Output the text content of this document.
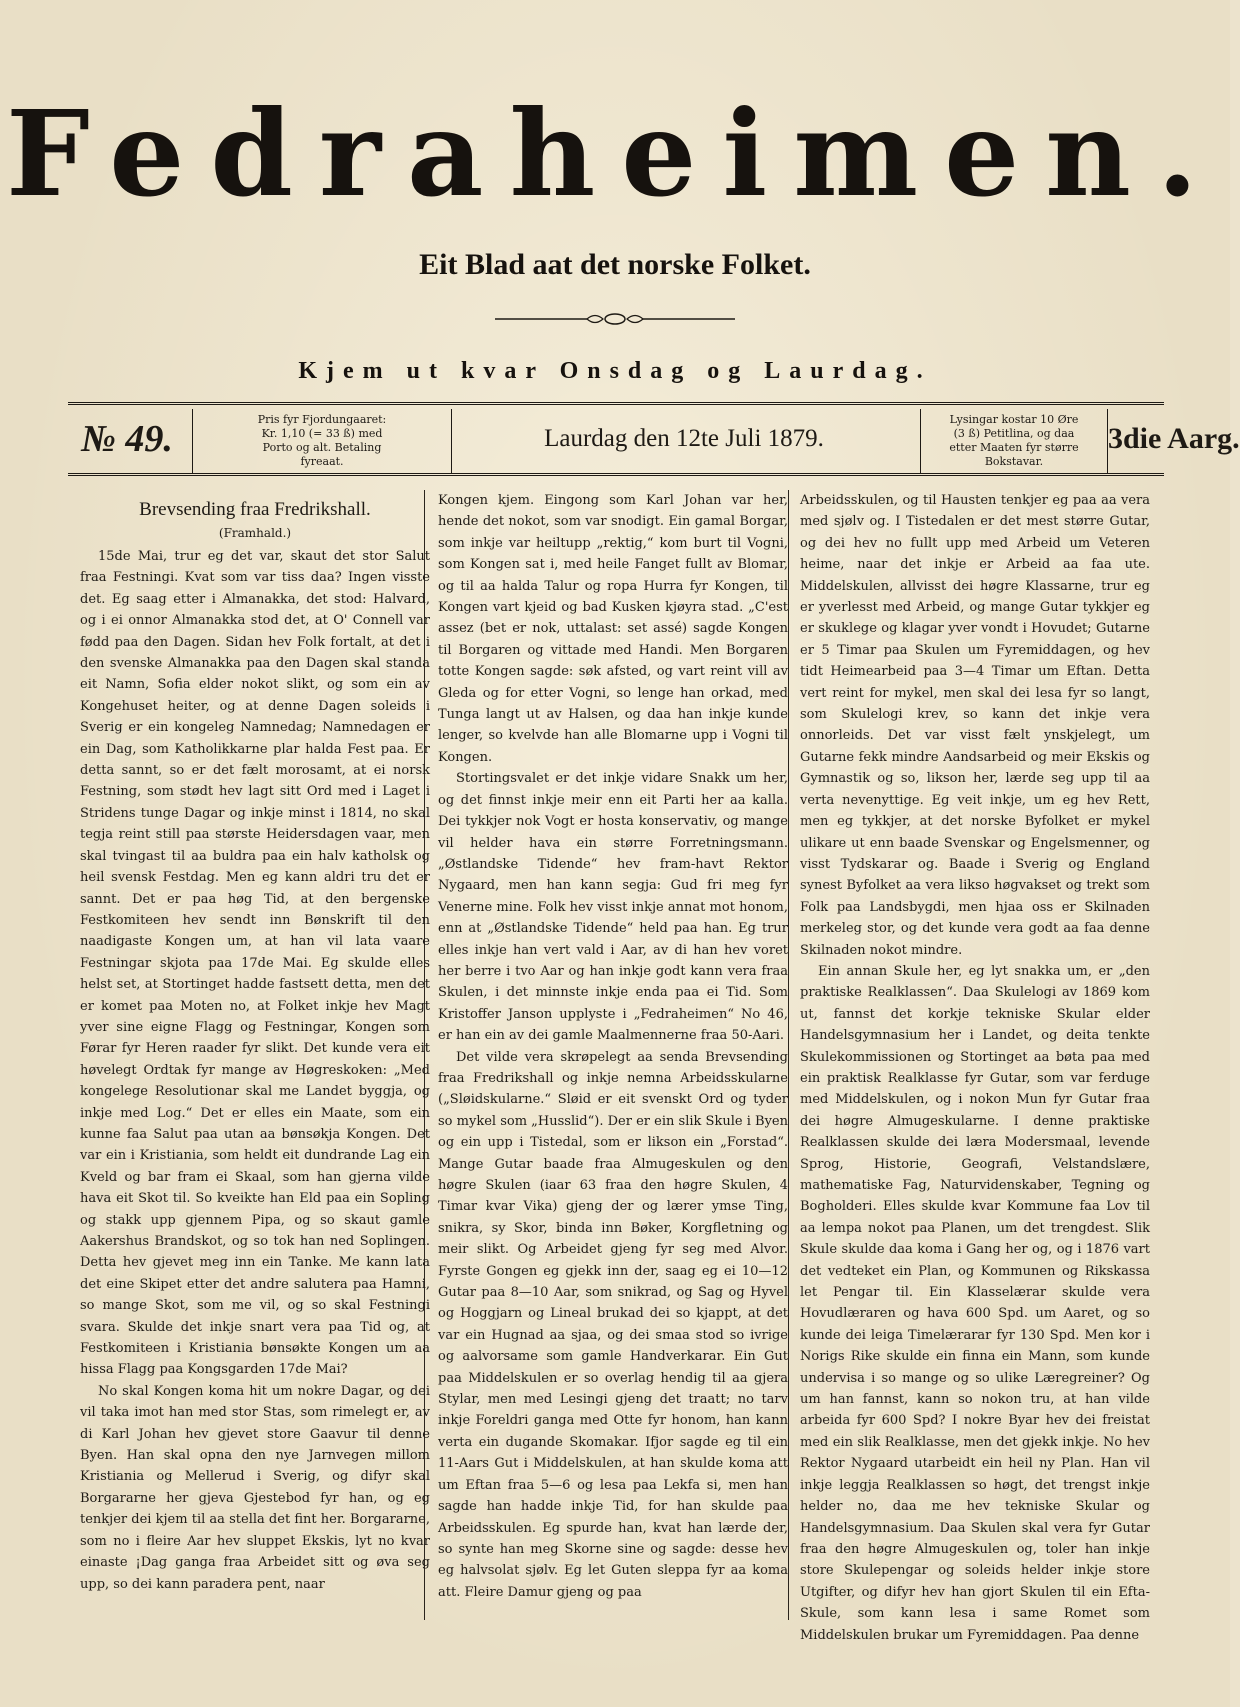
Fedraheimen.
Eit Blad aat det norske Folket.
Kjem ut kvar Onsdag og Laurdag.
№ 49.	Pris fyr Fjordungaaret:
Kr. 1,10 (= 33 ß) med
Porto og alt. Betaling
fyreaat.
Laurdag den 12te Juli 1879.
Lysingar kostar 10 Øre
(3 ß) Petitlina, og daa
etter Maaten fyr større
Bokstavar.
3die Aarg.
Brevsending fraa Fredrikshall.
(Framhald.)

15de Mai, trur eg det var, skaut det stor Salut fraa Festningi. Kvat som var tiss daa? Ingen visste det. Eg saag etter i Almanakka, det stod: Halvard, og i ei onnor Almanakka stod det, at O' Connell var fødd paa den Dagen. Sidan hev Folk fortalt, at det i den svenske Almanakka paa den Dagen skal standa eit Namn, Sofia elder nokot slikt, og som ein av Kongehuset heiter, og at denne Dagen soleids i Sverig er ein kongeleg Namnedag; Namnedagen er ein Dag, som Katholikkarne plar halda Fest paa. Er detta sannt, so er det fælt morosamt, at ei norsk Festning, som stødt hev lagt sitt Ord med i Laget i Stridens tunge Dagar og inkje minst i 1814, no skal tegja reint still paa største Heidersdagen vaar, men skal tvingast til aa buldra paa ein halv katholsk og heil svensk Festdag. Men eg kann aldri tru det er sannt. Det er paa høg Tid, at den bergenske Festkomiteen hev sendt inn Bønskrift til den naadigaste Kongen um, at han vil lata vaare Festningar skjota paa 17de Mai. Eg skulde elles helst set, at Stortinget hadde fastsett detta, men det er komet paa Moten no, at Folket inkje hev Magt yver sine eigne Flagg og Festningar, Kongen som Førar fyr Heren raader fyr slikt. Det kunde vera eit høvelegt Ordtak fyr mange av Høgreskoken: „Med kongelege Resolutionar skal me Landet byggja, og inkje med Log.“ Det er elles ein Maate, som ein kunne faa Salut paa utan aa bønsøkja Kongen. Det var ein i Kristiania, som heldt eit dundrande Lag ein Kveld og bar fram ei Skaal, som han gjerna vilde hava eit Skot til. So kveikte han Eld paa ein Sopling og stakk upp gjennem Pipa, og so skaut gamle Aakershus Brandskot, og so tok han ned Soplingen. Detta hev gjevet meg inn ein Tanke. Me kann lata det eine Skipet etter det andre salutera paa Hamni, so mange Skot, som me vil, og so skal Festningi svara. Skulde det inkje snart vera paa Tid og, at Festkomiteen i Kristiania bønsøkte Kongen um aa hissa Flagg paa Kongsgarden 17de Mai?

No skal Kongen koma hit um nokre Dagar, og dei vil taka imot han med stor Stas, som rimelegt er, av di Karl Johan hev gjevet store Gaavur til denne Byen. Han skal opna den nye Jarnvegen millom Kristiania og Mellerud i Sverig, og difyr skal Borgararne her gjeva Gjestebod fyr han, og eg tenkjer dei kjem til aa stella det fint her. Borgararne, som no i fleire Aar hev sluppet Ekskis, lyt no kvar einaste ¡Dag ganga fraa Arbeidet sitt og øva seg upp, so dei kann paradera pent, naar

Kongen kjem. Eingong som Karl Johan var her, hende det nokot, som var snodigt. Ein gamal Borgar, som inkje var heiltupp „rektig,“ kom burt til Vogni, som Kongen sat i, med heile Fanget fullt av Blomar, og til aa halda Talur og ropa Hurra fyr Kongen, til Kongen vart kjeid og bad Kusken kjøyra stad. „C'est assez (bet er nok, uttalast: set assé) sagde Kongen til Borgaren og vittade med Handi. Men Borgaren totte Kongen sagde: søk afsted, og vart reint vill av Gleda og for etter Vogni, so lenge han orkad, med Tunga langt ut av Halsen, og daa han inkje kunde lenger, so kvelvde han alle Blomarne upp i Vogni til Kongen.

Stortingsvalet er det inkje vidare Snakk um her, og det finnst inkje meir enn eit Parti her aa kalla. Dei tykkjer nok Vogt er hosta konservativ, og mange vil helder hava ein større Forretningsmann. „Østlandske Tidende“ hev fram-havt Rektor Nygaard, men han kann segja: Gud fri meg fyr Venerne mine. Folk hev visst inkje annat mot honom, enn at „Østlandske Tidende“ held paa han. Eg trur elles inkje han vert vald i Aar, av di han hev voret her berre i tvo Aar og han inkje godt kann vera fraa Skulen, i det minnste inkje enda paa ei Tid. Som Kristoffer Janson upplyste i „Fedraheimen“ No 46, er han ein av dei gamle Maalmennerne fraa 50-Aari.

Det vilde vera skrøpelegt aa senda Brevsending fraa Fredrikshall og inkje nemna Arbeidsskularne („Sløidskularne.“ Sløid er eit svenskt Ord og tyder so mykel som „Husslid“). Der er ein slik Skule i Byen og ein upp i Tistedal, som er likson ein „Forstad“. Mange Gutar baade fraa Almugeskulen og den høgre Skulen (iaar 63 fraa den høgre Skulen, 4 Timar kvar Vika) gjeng der og lærer ymse Ting, snikra, sy Skor, binda inn Bøker, Korgfletning og meir slikt. Og Arbeidet gjeng fyr seg med Alvor. Fyrste Gongen eg gjekk inn der, saag eg ei 10—12 Gutar paa 8—10 Aar, som snikrad, og Sag og Hyvel og Hoggjarn og Lineal brukad dei so kjappt, at det var ein Hugnad aa sjaa, og dei smaa stod so ivrige og aalvorsame som gamle Handverkarar. Ein Gut paa Middelskulen er so overlag hendig til aa gjera Stylar, men med Lesingi gjeng det traatt; no tarv inkje Foreldri ganga med Otte fyr honom, han kann verta ein dugande Skomakar. Ifjor sagde eg til ein 11-Aars Gut i Middelskulen, at han skulde koma att um Eftan fraa 5—6 og lesa paa Lekfa si, men han sagde han hadde inkje Tid, for han skulde paa Arbeidsskulen. Eg spurde han, kvat han lærde der, so synte han meg Skorne sine og sagde: desse hev eg halvsolat sjølv. Eg let Guten sleppa fyr aa koma att. Fleire Damur gjeng og paa

Arbeidsskulen, og til Hausten tenkjer eg paa aa vera med sjølv og. I Tistedalen er det mest større Gutar, og dei hev no fullt upp med Arbeid um Veteren heime, naar det inkje er Arbeid aa faa ute. Middelskulen, allvisst dei høgre Klassarne, trur eg er yverlesst med Arbeid, og mange Gutar tykkjer eg er skuklege og klagar yver vondt i Hovudet; Gutarne er 5 Timar paa Skulen um Fyremiddagen, og hev tidt Heimearbeid paa 3—4 Timar um Eftan. Detta vert reint for mykel, men skal dei lesa fyr so langt, som Skulelogi krev, so kann det inkje vera onnorleids. Det var visst fælt ynskjelegt, um Gutarne fekk mindre Aandsarbeid og meir Ekskis og Gymnastik og so, likson her, lærde seg upp til aa verta nevenyttige. Eg veit inkje, um eg hev Rett, men eg tykkjer, at det norske Byfolket er mykel ulikare ut enn baade Svenskar og Engelsmenner, og visst Tydskarar og. Baade i Sverig og England synest Byfolket aa vera likso høgvakset og trekt som Folk paa Landsbygdi, men hjaa oss er Skilnaden merkeleg stor, og det kunde vera godt aa faa denne Skilnaden nokot mindre.

Ein annan Skule her, eg lyt snakka um, er „den praktiske Realklassen“. Daa Skulelogi av 1869 kom ut, fannst det korkje tekniske Skular elder Handelsgymnasium her i Landet, og deita tenkte Skulekommissionen og Stortinget aa bøta paa med ein praktisk Realklasse fyr Gutar, som var ferduge med Middelskulen, og i nokon Mun fyr Gutar fraa dei høgre Almugeskularne. I denne praktiske Realklassen skulde dei læra Modersmaal, levende Sprog, Historie, Geografi, Velstandslære, mathematiske Fag, Naturvidenskaber, Tegning og Bogholderi. Elles skulde kvar Kommune faa Lov til aa lempa nokot paa Planen, um det trengdest. Slik Skule skulde daa koma i Gang her og, og i 1876 vart det vedteket ein Plan, og Kommunen og Rikskassa let Pengar til. Ein Klasselærar skulde vera Hovudlæraren og hava 600 Spd. um Aaret, og so kunde dei leiga Timelærarar fyr 130 Spd. Men kor i Norigs Rike skulde ein finna ein Mann, som kunde undervisa i so mange og so ulike Læregreiner? Og um han fannst, kann so nokon tru, at han vilde arbeida fyr 600 Spd? I nokre Byar hev dei freistat med ein slik Realklasse, men det gjekk inkje. No hev Rektor Nygaard utarbeidt ein heil ny Plan. Han vil inkje leggja Realklassen so høgt, det trengst inkje helder no, daa me hev tekniske Skular og Handelsgymnasium. Daa Skulen skal vera fyr Gutar fraa den høgre Almugeskulen og, toler han inkje store Skulepengar og soleids helder inkje store Utgifter, og difyr hev han gjort Skulen til ein Efta-Skule, som kann lesa i same Romet som Middelskulen brukar um Fyremiddagen. Paa denne
